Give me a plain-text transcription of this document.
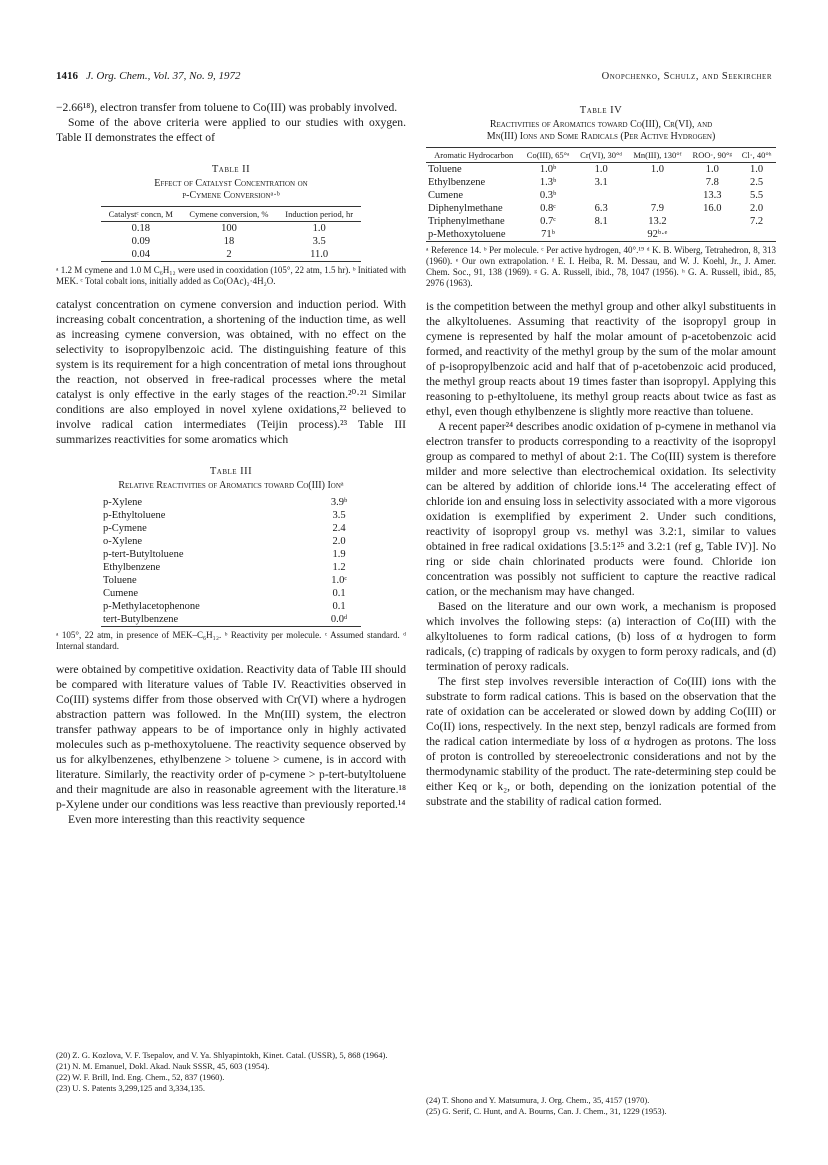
1416 J. Org. Chem., Vol. 37, No. 9, 1972	Onopchenko, Schulz, and Seekircher

−2.66¹⁸), electron transfer from toluene to Co(III) was probably involved.

Some of the above criteria were applied to our studies with oxygen. Table II demonstrates the effect of

Table II
Effect of Catalyst Concentration on
p-Cymene Conversionᵃ·ᵇ
Catalystᶜ concn, M	Cymene conversion, %	Induction period, hr
0.18	100	1.0
0.09	18	3.5
0.04	2	11.0
ᵃ 1.2 M cymene and 1.0 M C₆H₁₂ were used in cooxidation (105°, 22 atm, 1.5 hr). ᵇ Initiated with MEK. ᶜ Total cobalt ions, initially added as Co(OAc)₂·4H₂O.

catalyst concentration on cymene conversion and induction period. With increasing cobalt concentration, a shortening of the induction time, as well as increasing cymene conversion, was obtained, with no effect on the selectivity to isopropylbenzoic acid. The distinguishing feature of this system is its requirement for a high concentration of metal ions throughout the reaction, not observed in free-radical processes where the metal catalyst is only effective in the early stages of the reaction.²⁰·²¹ Similar conditions are also employed in novel xylene oxidations,²² believed to involve radical cation intermediates (Teijin process).²³ Table III summarizes reactivities for some aromatics which

Table III
Relative Reactivities of Aromatics toward Co(III) Ionᵃ
p-Xylene	3.9ᵇ
p-Ethyltoluene	3.5
p-Cymene	2.4
o-Xylene	2.0
p-tert-Butyltoluene	1.9
Ethylbenzene	1.2
Toluene	1.0ᶜ
Cumene	0.1
p-Methylacetophenone	0.1
tert-Butylbenzene	0.0ᵈ
ᵃ 105°, 22 atm, in presence of MEK–C₆H₁₂. ᵇ Reactivity per molecule. ᶜ Assumed standard. ᵈ Internal standard.

were obtained by competitive oxidation. Reactivity data of Table III should be compared with literature values of Table IV. Reactivities observed in Co(III) systems differ from those observed with Cr(VI) where a hydrogen abstraction pattern was followed. In the Mn(III) system, the electron transfer pathway appears to be of importance only in highly activated molecules such as p-methoxytoluene. The reactivity sequence observed by us for alkylbenzenes, ethylbenzene > toluene > cumene, is in accord with literature. Similarly, the reactivity order of p-cymene > p-tert-butyltoluene and their magnitude are also in reasonable agreement with the literature.¹⁸ p-Xylene under our conditions was less reactive than previously reported.¹⁴

Even more interesting than this reactivity sequence

Table IV
Reactivities of Aromatics toward Co(III), Cr(VI), and
Mn(III) Ions and Some Radicals (Per Active Hydrogen)
Aromatic Hydrocarbon	Co(III), 65°ᵃ	Cr(VI), 30°ᵈ	Mn(III), 130°ᶠ	ROO·, 90°ᵍ	Cl·, 40°ʰ
Toluene	1.0ᵇ	1.0	1.0	1.0	1.0
Ethylbenzene	1.3ᵇ	3.1		7.8	2.5
Cumene	0.3ᵇ			13.3	5.5
Diphenylmethane	0.8ᶜ	6.3	7.9	16.0	2.0
Triphenylmethane	0.7ᶜ	8.1	13.2		7.2
p-Methoxytoluene	71ᵇ		92ᵇ·ᵉ		
ᵃ Reference 14. ᵇ Per molecule. ᶜ Per active hydrogen, 40°.¹⁹ ᵈ K. B. Wiberg, Tetrahedron, 8, 313 (1960). ᵉ Our own extrapolation. ᶠ E. I. Heiba, R. M. Dessau, and W. J. Koehl, Jr., J. Amer. Chem. Soc., 91, 138 (1969). ᵍ G. A. Russell, ibid., 78, 1047 (1956). ʰ G. A. Russell, ibid., 85, 2976 (1963).

is the competition between the methyl group and other alkyl substituents in the alkyltoluenes. Assuming that reactivity of the isopropyl group in cymene is represented by half the molar amount of p-acetobenzoic acid formed, and reactivity of the methyl group by the sum of the molar amount of p-isopropylbenzoic acid and half that of p-acetobenzoic acid produced, the methyl group reacts about 19 times faster than isopropyl. Applying this reasoning to p-ethyltoluene, its methyl group reacts about twice as fast as ethyl, even though ethylbenzene is slightly more reactive than toluene.

A recent paper²⁴ describes anodic oxidation of p-cymene in methanol via electron transfer to products corresponding to a reactivity of the isopropyl group as compared to methyl of about 2:1. The Co(III) system is therefore milder and more selective than electrochemical oxidation. Its selectivity can be altered by addition of chloride ions.¹⁴ The accelerating effect of chloride ion and ensuing loss in selectivity associated with a more vigorous oxidation is exemplified by experiment 2. Under such conditions, reactivity of isopropyl group vs. methyl was 3.2:1, similar to values obtained in free radical oxidations [3.5:1²⁵ and 3.2:1 (ref g, Table IV)]. No ring or side chain chlorinated products were found. Chloride ion concentration was possibly not sufficient to capture the reactive radical cation, or the mechanism may have changed.

Based on the literature and our own work, a mechanism is proposed which involves the following steps: (a) interaction of Co(III) with the alkyltoluenes to form radical cations, (b) loss of α hydrogen to form radicals, (c) trapping of radicals by oxygen to form peroxy radicals, and (d) termination of peroxy radicals.

The first step involves reversible interaction of Co(III) ions with the substrate to form radical cations. This is based on the observation that the rate of oxidation can be accelerated or slowed down by adding Co(III) or Co(II) ions, respectively. In the next step, benzyl radicals are formed from the radical cation intermediate by loss of α hydrogen as protons. The loss of proton is controlled by stereoelectronic considerations and not by the thermodynamic stability of the product. The rate-determining step could be either Keq or k₂, or both, depending on the ionization potential of the substrate and the stability of radical cation formed.

(20) Z. G. Kozlova, V. F. Tsepalov, and V. Ya. Shlyapintokh, Kinet. Catal. (USSR), 5, 868 (1964).
(21) N. M. Emanuel, Dokl. Akad. Nauk SSSR, 45, 603 (1954).
(22) W. F. Brill, Ind. Eng. Chem., 52, 837 (1960).
(23) U. S. Patents 3,299,125 and 3,334,135.
(24) T. Shono and Y. Matsumura, J. Org. Chem., 35, 4157 (1970).
(25) G. Serif, C. Hunt, and A. Bourns, Can. J. Chem., 31, 1229 (1953).
